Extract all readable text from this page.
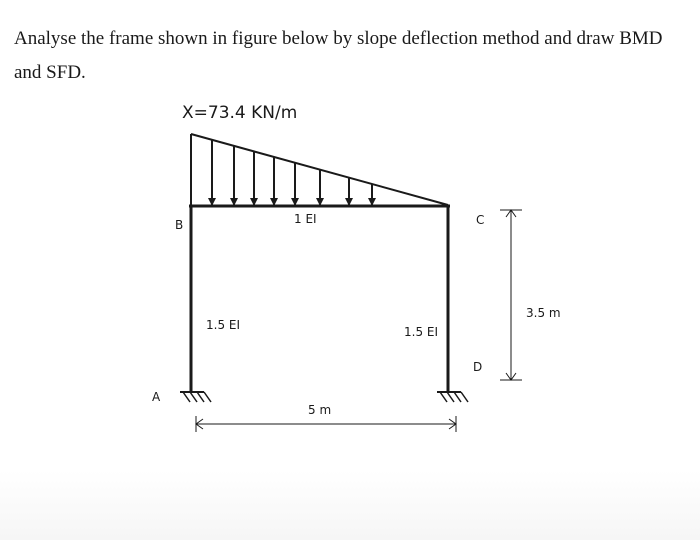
Analyse the frame shown in figure below by slope deflection method and draw BMD
and SFD.
X=73.4 KN/m
B	C
D
A
1 EI
1.5 EI	1.5 EI
5 m
3.5 m
